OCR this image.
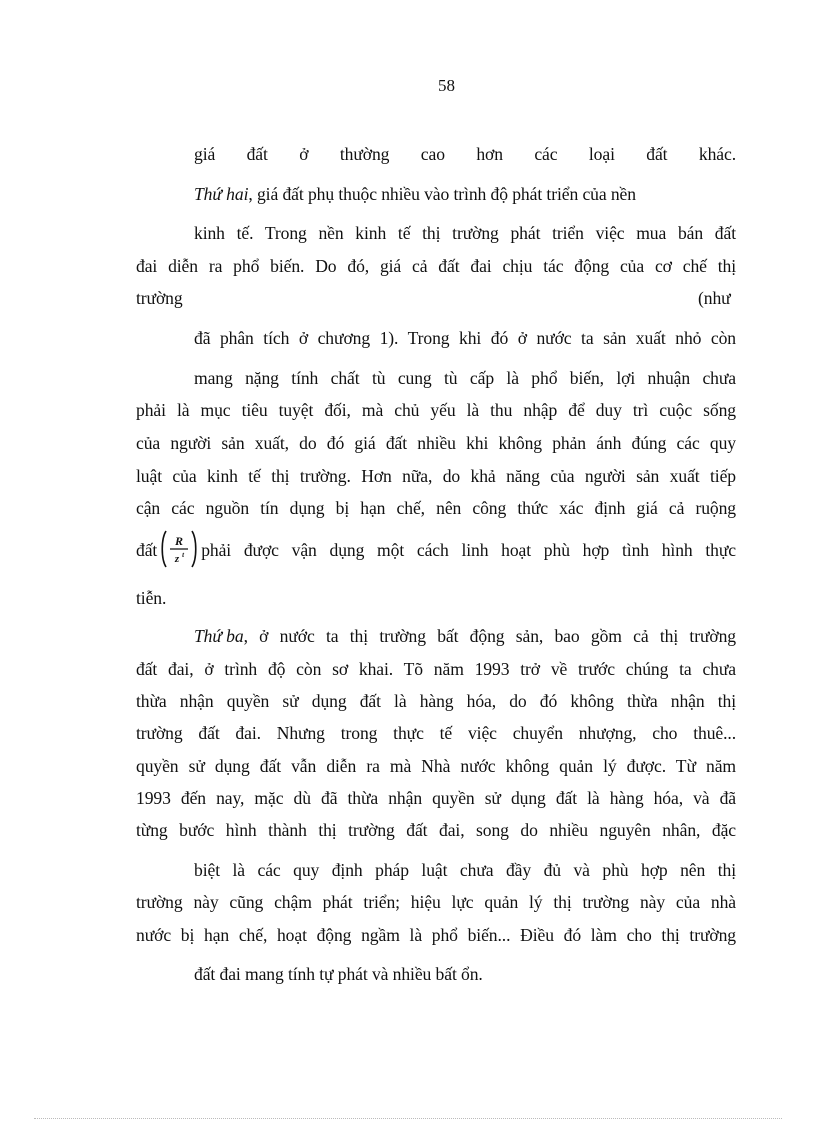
58
giá đất ở thường cao hơn các loại đất khác.
Thứ hai, giá đất phụ thuộc nhiều vào trình độ phát triển của nền
kinh tế. Trong nền kinh tế thị trường phát triển việc mua bán đất
đai diễn ra phổ biến. Do đó, giá cả đất đai chịu tác động của cơ chế thị
trường	(như
đã phân tích ở chương 1). Trong khi đó ở nước ta sản xuất nhỏ còn
mang nặng tính chất tù cung tù cấp là phổ biến, lợi nhuận chưa
phải là mục tiêu tuyệt đối, mà chủ yếu là thu nhập để duy trì cuộc sống
của người sản xuất, do đó giá đất nhiều khi không phản ánh đúng các quy
luật của kinh tế thị trường. Hơn nữa, do khả năng của người sản xuất tiếp
cận các nguồn tín dụng bị hạn chế, nên công thức xác định giá cả ruộng
đất R
z t phải được vận dụng một cách linh hoạt phù hợp tình hình thực
tiễn.
Thứ ba , ở nước ta thị trường bất động sản, bao gồm cả thị trường
đất đai, ở trình độ còn sơ khai. Tõ năm 1993 trở về trước chúng ta chưa
thừa nhận quyền sử dụng đất là hàng hóa, do đó không thừa nhận thị
trường đất đai. Nhưng trong thực tế việc chuyển nhượng, cho thuê...
quyền sử dụng đất vẫn diễn ra mà Nhà nước không quản lý được. Từ năm
1993 đến nay, mặc dù đã thừa nhận quyền sử dụng đất là hàng hóa, và đã
từng bước hình thành thị trường đất đai, song do nhiều nguyên nhân, đặc
biệt là các quy định pháp luật chưa đầy đủ và phù hợp nên thị
trường này cũng chậm phát triển; hiệu lực quản lý thị trường này của nhà
nước bị hạn chế, hoạt động ngầm là phổ biến... Điều đó làm cho thị trường
đất đai mang tính tự phát và nhiều bất ổn.
